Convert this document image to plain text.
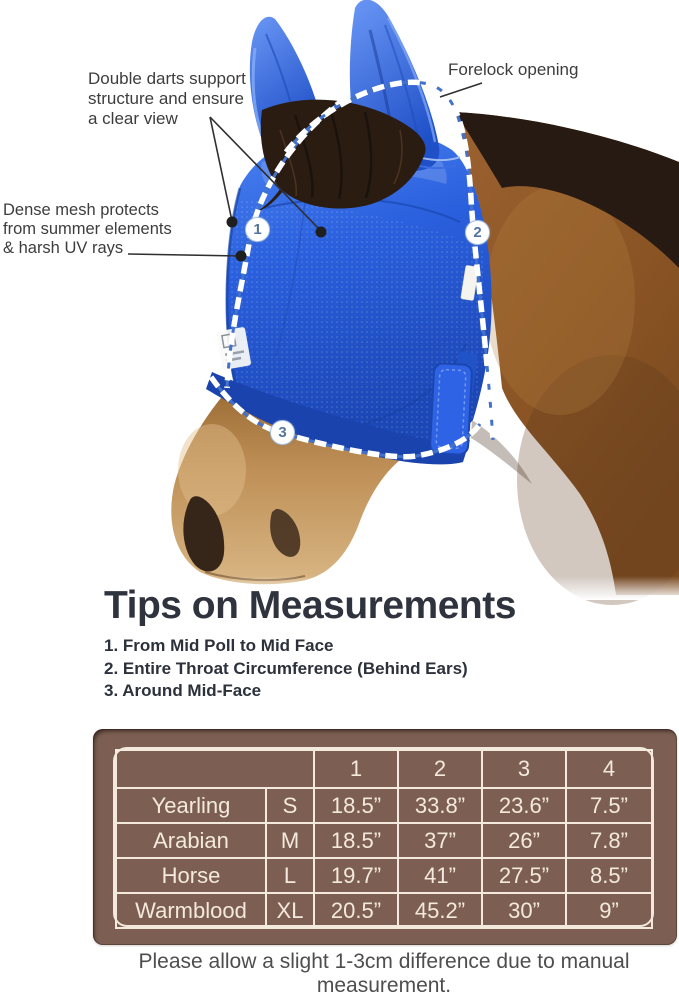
Double darts support
structure and ensure
a clear view
Forelock opening
Dense mesh protects
from summer elements
& harsh UV rays
1	2
3
Tips on Measurements
1. From Mid Poll to Mid Face
2. Entire Throat Circumference (Behind Ears)
3. Around Mid-Face
		1	2	3	4
Yearling	S	18.5”	33.8”	23.6”	7.5”
Arabian	M	18.5”	37”	26”	7.8”
Horse	L	19.7”	41”	27.5”	8.5”
Warmblood	XL	20.5”	45.2”	30”	9”
Please allow a slight 1-3cm difference due to manual measurement.
